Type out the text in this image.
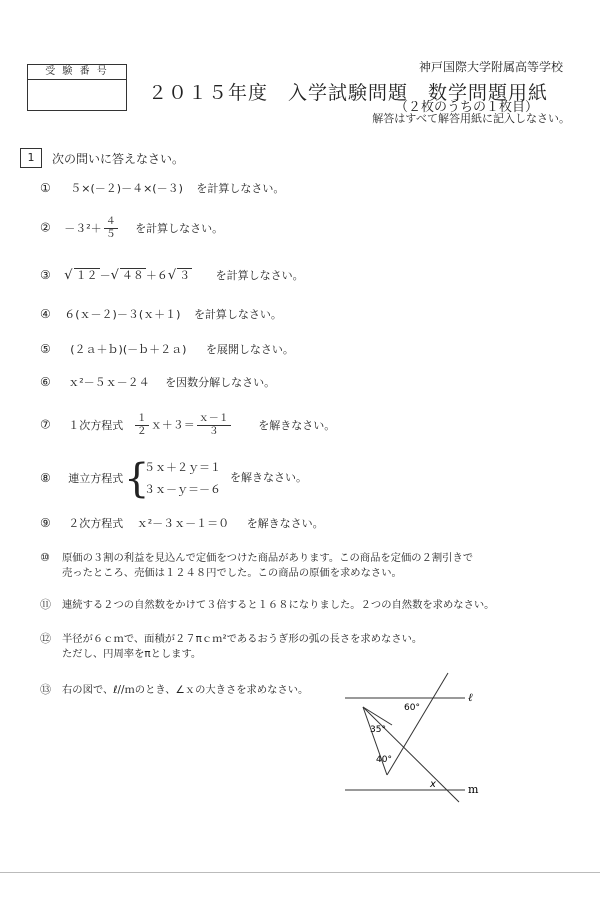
受 験 番 号	神戸国際大学附属高等学校
２０１５年度　入学試験問題　数学問題用紙
（２枚のうちの１枚目）
解答はすべて解答用紙に記入しなさい。
1	次の問いに答えなさい。
① ５×(－２)－４×(－３) を計算しなさい。
② $-3^2+ \frac{4}{5}$ を計算しなさい。
③ √ １２ －√ ４８ ＋６√ ３ を計算しなさい。
④ ６(ｘ－２)－３(ｘ＋１) を計算しなさい。
⑤ (２ａ＋ｂ)(－ｂ＋２ａ) を展開しなさい。
⑥ ｘ²－５ｘ－２４ を因数分解しなさい。
⑦ １次方程式 $\frac{1}{2}$ ｘ＋３＝ $\frac{\text{ｘ－１}}{3}$	を解きなさい。
⑧ 連立方程式 {
５ｘ＋２ｙ＝１
３ｘ－ｙ＝－６
を解きなさい。
⑨ ２次方程式 ｘ²－３ｘ－１＝０ を解きなさい。
⑩ 原価の３割の利益を見込んで定価をつけた商品があります。この商品を定価の２割引きで
売ったところ、売価は１２４８円でした。この商品の原価を求めなさい。
⑪ 連続する２つの自然数をかけて３倍すると１６８になりました。２つの自然数を求めなさい。
⑫ 半径が６ｃｍで、面積が２７πｃｍ²であるおうぎ形の弧の長さを求めなさい。
ただし、円周率をπとします。
⑬ 右の図で、ℓ//ｍのとき、∠ｘの大きさを求めなさい。
60°
35°
40°
x
ℓ
m
